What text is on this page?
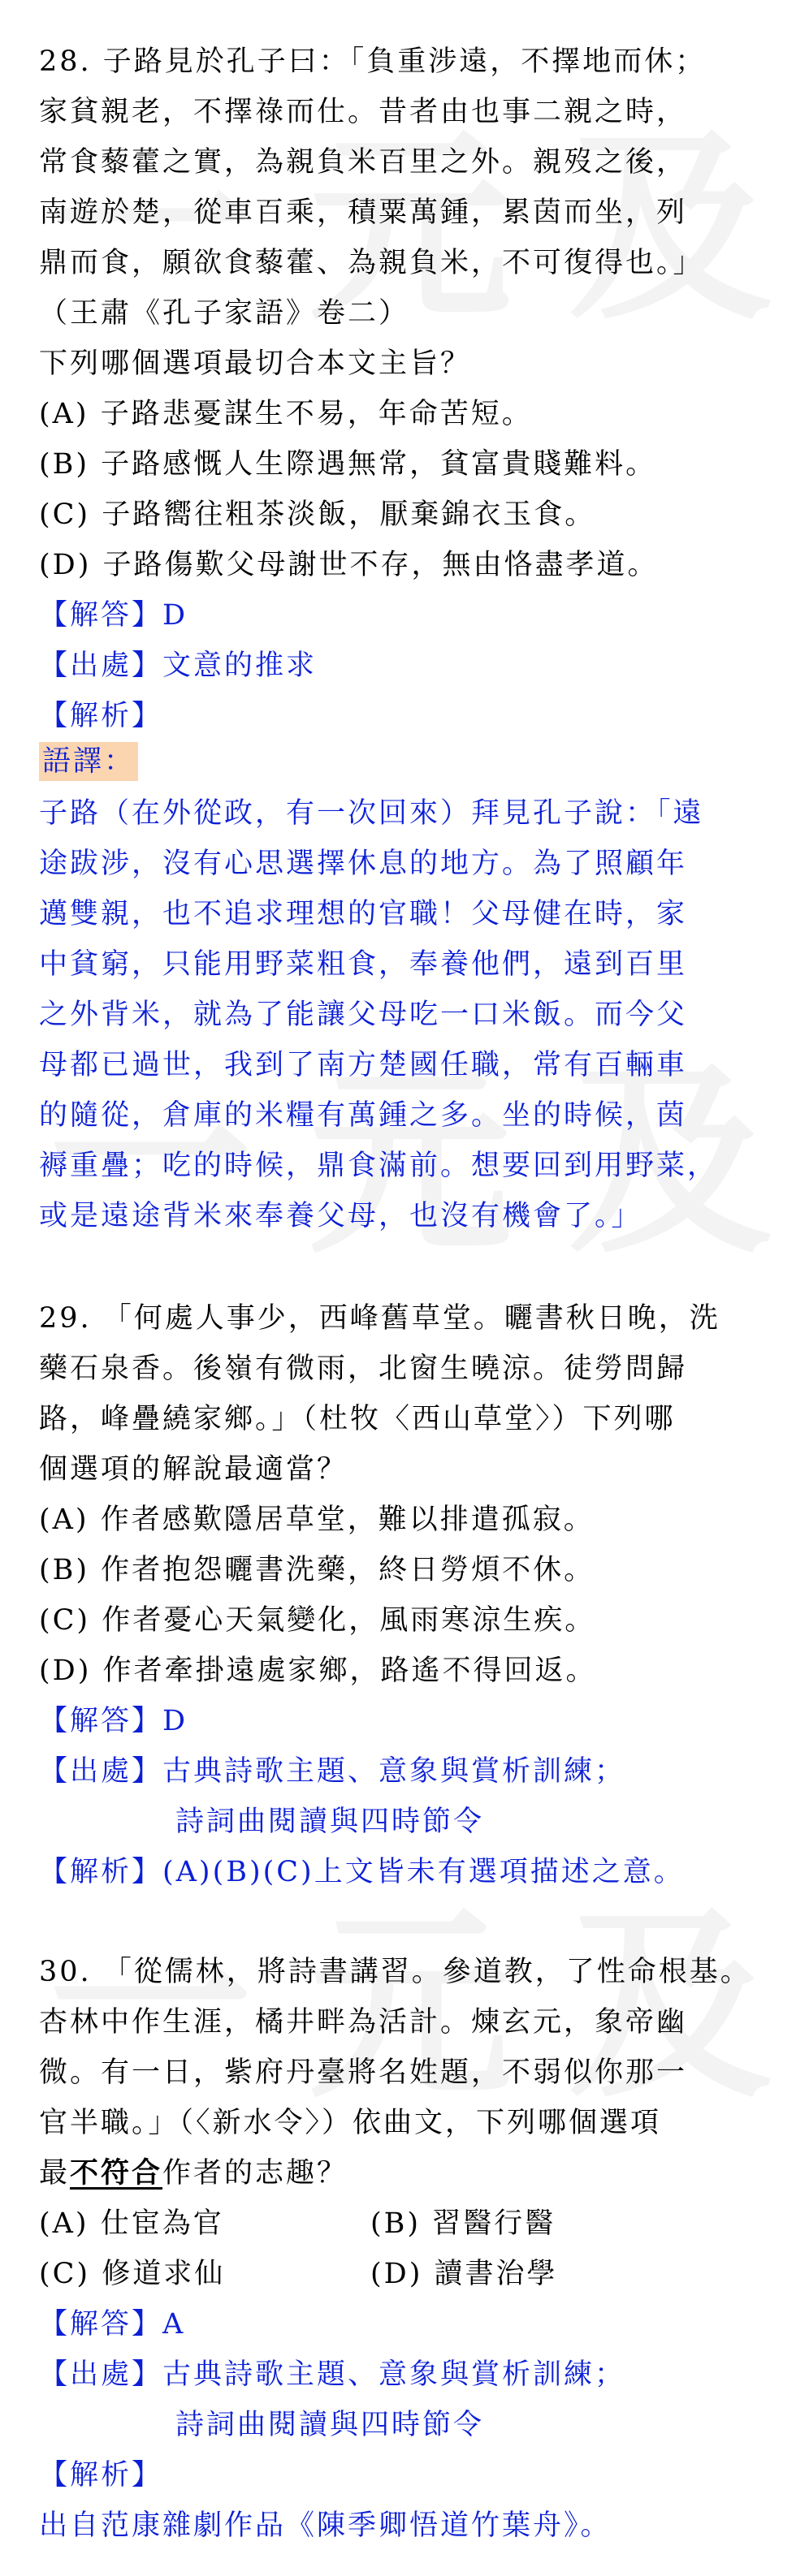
28. 子路見於孔子曰：「負重涉遠，不擇地而休；
家貧親老，不擇祿而仕。昔者由也事二親之時，
常食藜藿之實，為親負米百里之外。親歿之後，
南遊於楚，從車百乘，積粟萬鍾，累茵而坐，列
鼎而食，願欲食藜藿、為親負米，不可復得也。」
（王肅《孔子家語》卷二）
下列哪個選項最切合本文主旨？
(A) 子路悲憂謀生不易，年命苦短。
(B) 子路感慨人生際遇無常，貧富貴賤難料。
(C) 子路嚮往粗茶淡飯，厭棄錦衣玉食。
(D) 子路傷歎父母謝世不存，無由恪盡孝道。
【解答】D
【出處】文意的推求
【解析】
語譯：
子路（在外從政，有一次回來）拜見孔子說：「遠
途跋涉，沒有心思選擇休息的地方。為了照顧年
邁雙親，也不追求理想的官職！父母健在時，家
中貧窮，只能用野菜粗食，奉養他們，遠到百里
之外背米，就為了能讓父母吃一口米飯。而今父
母都已過世，我到了南方楚國任職，常有百輛車
的隨從，倉庫的米糧有萬鍾之多。坐的時候，茵
褥重疊；吃的時候，鼎食滿前。想要回到用野菜，
或是遠途背米來奉養父母，也沒有機會了。」
29. 「何處人事少，西峰舊草堂。曬書秋日晚，洗
藥石泉香。後嶺有微雨，北窗生曉涼。徒勞問歸
路，峰疊繞家鄉。」（杜牧〈西山草堂〉）下列哪
個選項的解說最適當？
(A) 作者感歎隱居草堂，難以排遣孤寂。
(B) 作者抱怨曬書洗藥，終日勞煩不休。
(C) 作者憂心天氣變化，風雨寒涼生疾。
(D) 作者牽掛遠處家鄉，路遙不得回返。
【解答】D
【出處】古典詩歌主題、意象與賞析訓練；
詩詞曲閱讀與四時節令
【解析】(A)(B)(C)上文皆未有選項描述之意。
30. 「從儒林，將詩書講習。參道教，了性命根基。
杏林中作生涯，橘井畔為活計。煉玄元，象帝幽
微。有一日，紫府丹臺將名姓題，不弱似你那一
官半職。」（〈新水令〉）依曲文，下列哪個選項
最不符合作者的志趣？
(A) 仕宦為官	(B) 習醫行醫
(C) 修道求仙	(D) 讀書治學
【解答】A
【出處】古典詩歌主題、意象與賞析訓練；
詩詞曲閱讀與四時節令
【解析】
出自范康雜劇作品《陳季卿悟道竹葉舟》。
